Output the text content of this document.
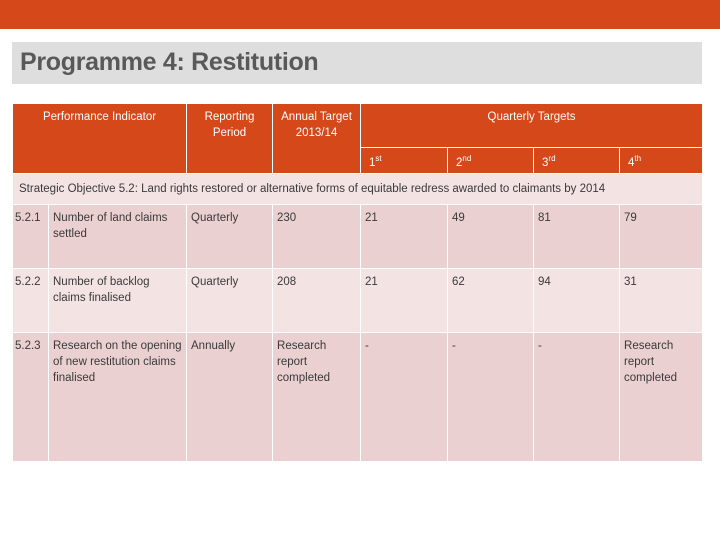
Programme 4: Restitution
Performance Indicator		Reporting Period	Annual Target 2013/14	Quarterly Targets			
				1st	2nd	3rd	4th
Strategic Objective 5.2: Land rights restored or alternative forms of equitable redress awarded to claimants by 2014							
5.2.1	Number of land claims settled	Quarterly	230	21	49	81	79
5.2.2	Number of backlog claims finalised	Quarterly	208	21	62	94	31
5.2.3	Research on the opening of new restitution claims finalised	Annually	Research report completed	-	-	-	Research report completed
